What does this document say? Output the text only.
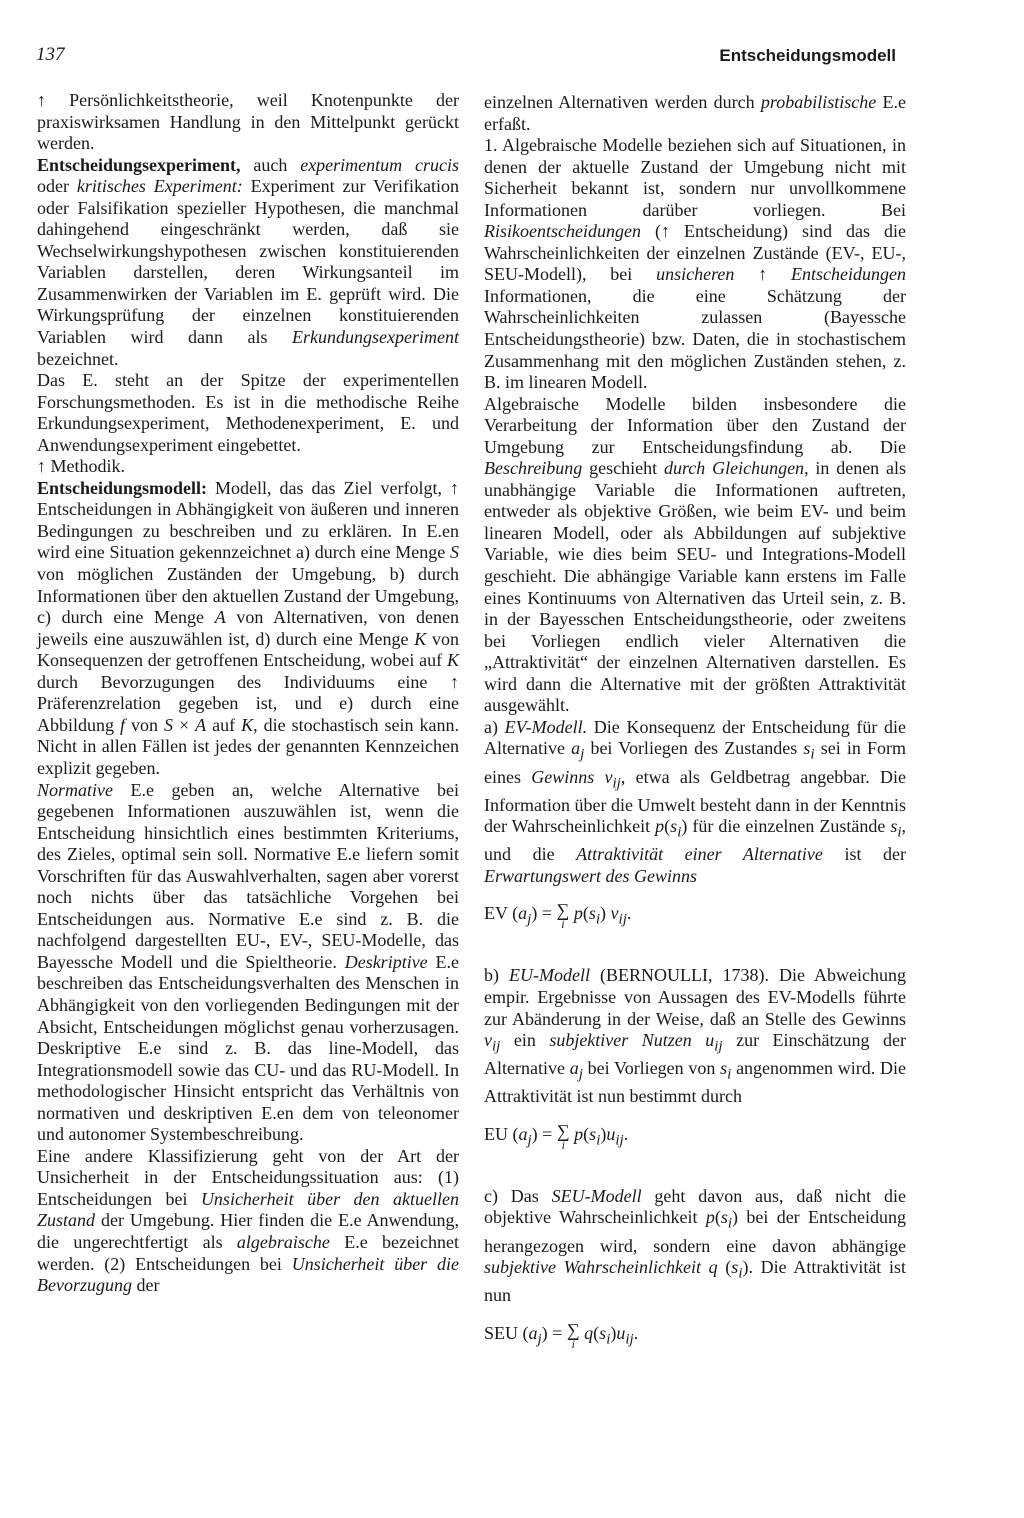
137	Entscheidungsmodell

↑ Persönlichkeitstheorie, weil Knotenpunkte der praxiswirksamen Handlung in den Mittelpunkt gerückt werden.

Entscheidungsexperiment, auch experimentum crucis oder kritisches Experiment: Experiment zur Verifikation oder Falsifikation spezieller Hypothesen, die manchmal dahingehend eingeschränkt werden, daß sie Wechselwirkungshypothesen zwischen konstituierenden Variablen darstellen, deren Wirkungsanteil im Zusammenwirken der Variablen im E. geprüft wird. Die Wirkungsprüfung der einzelnen konstituierenden Variablen wird dann als Erkundungsexperiment bezeichnet.

Das E. steht an der Spitze der experimentellen Forschungsmethoden. Es ist in die methodische Reihe Erkundungsexperiment, Methodenexperiment, E. und Anwendungsexperiment eingebettet.

↑ Methodik.

Entscheidungsmodell: Modell, das das Ziel verfolgt, ↑ Entscheidungen in Abhängigkeit von äußeren und inneren Bedingungen zu beschreiben und zu erklären. In E.en wird eine Situation gekennzeichnet a) durch eine Menge S von möglichen Zuständen der Umgebung, b) durch Informationen über den aktuellen Zustand der Umgebung, c) durch eine Menge A von Alternativen, von denen jeweils eine auszuwählen ist, d) durch eine Menge K von Konsequenzen der getroffenen Entscheidung, wobei auf K durch Bevorzugungen des Individuums eine ↑ Präferenzrelation gegeben ist, und e) durch eine Abbildung f von S × A auf K, die stochastisch sein kann. Nicht in allen Fällen ist jedes der genannten Kennzeichen explizit gegeben.

Normative E.e geben an, welche Alternative bei gegebenen Informationen auszuwählen ist, wenn die Entscheidung hinsichtlich eines bestimmten Kriteriums, des Zieles, optimal sein soll. Normative E.e liefern somit Vorschriften für das Auswahlverhalten, sagen aber vorerst noch nichts über das tatsächliche Vorgehen bei Entscheidungen aus. Normative E.e sind z. B. die nachfolgend dargestellten EU-, EV-, SEU-Modelle, das Bayessche Modell und die Spieltheorie. Deskriptive E.e beschreiben das Entscheidungsverhalten des Menschen in Abhängigkeit von den vorliegenden Bedingungen mit der Absicht, Entscheidungen möglichst genau vorherzusagen. Deskriptive E.e sind z. B. das line-Modell, das Integrationsmodell sowie das CU- und das RU-Modell. In methodologischer Hinsicht entspricht das Verhältnis von normativen und deskriptiven E.en dem von teleonomer und autonomer Systembeschreibung.

Eine andere Klassifizierung geht von der Art der Unsicherheit in der Entscheidungssituation aus: (1) Entscheidungen bei Unsicherheit über den aktuellen Zustand der Umgebung. Hier finden die E.e Anwendung, die ungerechtfertigt als algebraische E.e bezeichnet werden. (2) Entscheidungen bei Unsicherheit über die Bevorzugung der

einzelnen Alternativen werden durch probabilistische E.e erfaßt.

1. Algebraische Modelle beziehen sich auf Situationen, in denen der aktuelle Zustand der Umgebung nicht mit Sicherheit bekannt ist, sondern nur unvollkommene Informationen darüber vorliegen. Bei Risikoentscheidungen (↑ Entscheidung) sind das die Wahrscheinlichkeiten der einzelnen Zustände (EV-, EU-, SEU-Modell), bei unsicheren ↑ Entscheidungen Informationen, die eine Schätzung der Wahrscheinlichkeiten zulassen (Bayessche Entscheidungstheorie) bzw. Daten, die in stochastischem Zusammenhang mit den möglichen Zuständen stehen, z. B. im linearen Modell.

Algebraische Modelle bilden insbesondere die Verarbeitung der Information über den Zustand der Umgebung zur Entscheidungsfindung ab. Die Beschreibung geschieht durch Gleichungen, in denen als unabhängige Variable die Informationen auftreten, entweder als objektive Größen, wie beim EV- und beim linearen Modell, oder als Abbildungen auf subjektive Variable, wie dies beim SEU- und Integrations-Modell geschieht. Die abhängige Variable kann erstens im Falle eines Kontinuums von Alternativen das Urteil sein, z. B. in der Bayesschen Entscheidungstheorie, oder zweitens bei Vorliegen endlich vieler Alternativen die „Attraktivität“ der einzelnen Alternativen darstellen. Es wird dann die Alternative mit der größten Attraktivität ausgewählt.

a) EV-Modell. Die Konsequenz der Entscheidung für die Alternative $a_j$ bei Vorliegen des Zustandes $s_i$ sei in Form eines Gewinns $v_{ij}$, etwa als Geldbetrag angebbar. Die Information über die Umwelt besteht dann in der Kenntnis der Wahrscheinlichkeit $p(s_i)$ für die einzelnen Zustände $s_i$, und die Attraktivität einer Alternative ist der Erwartungswert des Gewinns

EV $(a_j)$ = ∑
i
$p(s_i)$ $v_{ij}$.

b) EU-Modell (BERNOULLI, 1738). Die Abweichung empir. Ergebnisse von Aussagen des EV-Modells führte zur Abänderung in der Weise, daß an Stelle des Gewinns $v_{ij}$ ein subjektiver Nutzen $u_{ij}$ zur Einschätzung der Alternative $a_j$ bei Vorliegen von $s_i$ angenommen wird. Die Attraktivität ist nun bestimmt durch

EU $(a_j)$ = ∑
i
$p(s_i)u_{ij}$.

c) Das SEU-Modell geht davon aus, daß nicht die objektive Wahrscheinlichkeit $p(s_i)$ bei der Entscheidung herangezogen wird, sondern eine davon abhängige subjektive Wahrscheinlichkeit q $(s_i)$. Die Attraktivität ist nun

SEU $(a_j)$ = ∑
i
$q(s_i)u_{ij}$.
